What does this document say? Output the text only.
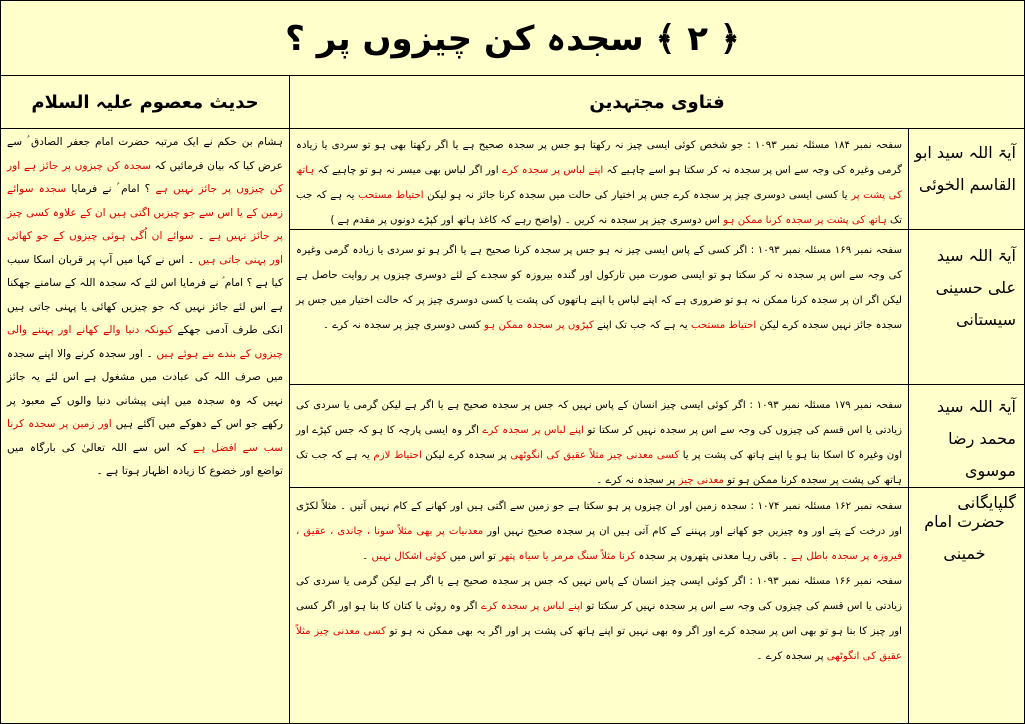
﴿ ٢ ﴾ سجدہ کن چیزوں پر ؟
حدیث معصوم علیہ السلام	فتاوی مجتہدین
ہشام بن حکم نے ایک مرتبہ حضرت امام جعفر الصادق ؑ سے عرض کیا کہ بیان فرمائیں کہ سجدہ کن چیزوں پر جائز ہے اور کن چیزوں پر جائز نہیں ہے ؟ امام ؑ نے فرمایا سجدہ سوائے زمین کے یا اس سے جو چیزیں اگتی ہیں ان کے علاوہ کسی چیز پر جائز نہیں ہے ۔ سوائے ان اُگی ہوئی چیزوں کے جو کھائی اور پہنی جاتی ہیں ۔ اس نے کہا میں آپ پر قربان اسکا سبب کیا ہے ؟ امام ؑ نے فرمایا اس لئے کہ سجدہ اللہ کے سامنے جھکنا ہے اس لئے جائز نہیں کہ جو چیزیں کھائی یا پہنی جاتی ہیں انکی طرف آدمی جھکے کیونکہ دنیا والے کھانے اور پہننے والی چیزوں کے بندے بنے ہوئے ہیں ۔ اور سجدہ کرنے والا اپنے سجدہ میں صرف اللہ کی عبادت میں مشغول ہے اس لئے یہ جائز نہیں کہ وہ سجدہ میں اپنی پیشانی دنیا والوں کے معبود پر رکھے جو اس کے دھوکے میں آگئے ہیں اور زمین پر سجدہ کرنا سب سے افضل ہے کہ اس سے اللہ تعالیٰ کی بارگاہ میں تواضع اور خضوع کا زیادہ اظہار ہوتا ہے ۔
سفحہ نمبر ۱۸۴ مسئلہ نمبر ۱۰۹۳ : جو شخص کوئی ایسی چیز نہ رکھتا ہو جس پر سجدہ صحیح ہے یا اگر رکھتا بھی ہو تو سردی یا زیادہ گرمی وغیرہ کی وجہ سے اس پر سجدہ نہ کر سکتا ہو اسے چاہیے کہ اپنے لباس پر سجدہ کرے اور اگر لباس بھی میسر نہ ہو تو چاہیے کہ ہاتھ کی پشت پر یا کسی ایسی دوسری چیز پر سجدہ کرے جس پر اختیار کی حالت میں سجدہ کرنا جائز نہ ہو لیکن احتیاط مستحب یہ ہے کہ جب تک ہاتھ کی پشت پر سجدہ کرنا ممکن ہو اس دوسری چیز پر سجدہ نہ کریں ۔ (واضح رہے کہ کاغذ ہاتھ اور کپڑے دونوں پر مقدم ہے )
آیۃ اللہ سید ابو القاسم الخوئی
سفحہ نمبر ۱۶۹ مسئلہ نمبر ۱۰۹۳ : اگر کسی کے پاس ایسی چیز نہ ہو جس پر سجدہ کرنا صحیح ہے یا اگر ہو تو سردی یا زیادہ گرمی وغیرہ کی وجہ سے اس پر سجدہ نہ کر سکتا ہو تو ایسی صورت میں تارکول اور گندہ بیروزہ کو سجدے کے لئے دوسری چیزوں پر روایت حاصل ہے لیکن اگر ان پر سجدہ کرنا ممکن نہ ہو تو ضروری ہے کہ اپنے لباس یا اپنے ہاتھوں کی پشت یا کسی دوسری چیز پر کہ حالت اختیار میں جس پر سجدہ جائز نہیں سجدہ کرے لیکن احتیاط مستحب یہ ہے کہ جب تک اپنے کپڑوں پر سجدہ ممکن ہو کسی دوسری چیز پر سجدہ نہ کرے ۔
آیۃ اللہ سید علی حسینی سیستانی
سفحہ نمبر ۱۷۹ مسئلہ نمبر ۱۰۹۳ : اگر کوئی ایسی چیز انسان کے پاس نہیں کہ جس پر سجدہ صحیح ہے یا اگر ہے لیکن گرمی یا سردی کی زیادتی یا اس قسم کی چیزوں کی وجہ سے اس پر سجدہ نہیں کر سکتا تو اپنے لباس پر سجدہ کرے اگر وہ ایسی پارچہ کا ہو کہ جس کپڑے اور اون وغیرہ کا اسکا بنا ہو یا اپنے ہاتھ کی پشت پر یا کسی معدنی چیز مثلاً عقیق کی انگوٹھی پر سجدہ کرے لیکن احتیاط لازم یہ ہے کہ جب تک ہاتھ کی پشت پر سجدہ کرنا ممکن ہو تو معدنی چیز پر سجدہ نہ کرے ۔
آیۃ اللہ سید محمد رضا موسوی گلپایگانی
سفحہ نمبر ۱۶۲ مسئلہ نمبر ۱۰۷۴ : سجدہ زمین اور ان چیزوں پر ہو سکتا ہے جو زمین سے اگتی ہیں اور کھانے کے کام نہیں آتیں ۔ مثلاً لکڑی اور درخت کے پتے اور وہ چیزیں جو کھانے اور پہننے کے کام آتی ہیں ان پر سجدہ صحیح نہیں اور معدنیات پر بھی مثلاً سونا ، چاندی ، عقیق ، فیروزہ پر سجدہ باطل ہے ۔ باقی رہا معدنی پتھروں پر سجدہ کرنا مثلاً سنگ مرمر یا سیاہ پتھر تو اس میں کوئی اشکال نہیں ۔
سفحہ نمبر ۱۶۶ مسئلہ نمبر ۱۰۹۳ : اگر کوئی ایسی چیز انسان کے پاس نہیں کہ جس پر سجدہ صحیح ہے یا اگر ہے لیکن گرمی یا سردی کی زیادتی یا اس قسم کی چیزوں کی وجہ سے اس پر سجدہ نہیں کر سکتا تو اپنے لباس پر سجدہ کرے اگر وہ روئی یا کتان کا بنا ہو اور اگر کسی اور چیز کا بنا ہو تو بھی اس پر سجدہ کرے اور اگر وہ بھی نہیں تو اپنے ہاتھ کی پشت پر اور اگر یہ بھی ممکن نہ ہو تو کسی معدنی چیز مثلاً عقیق کی انگوٹھی پر سجدہ کرے ۔
حضرت امام خمینی
